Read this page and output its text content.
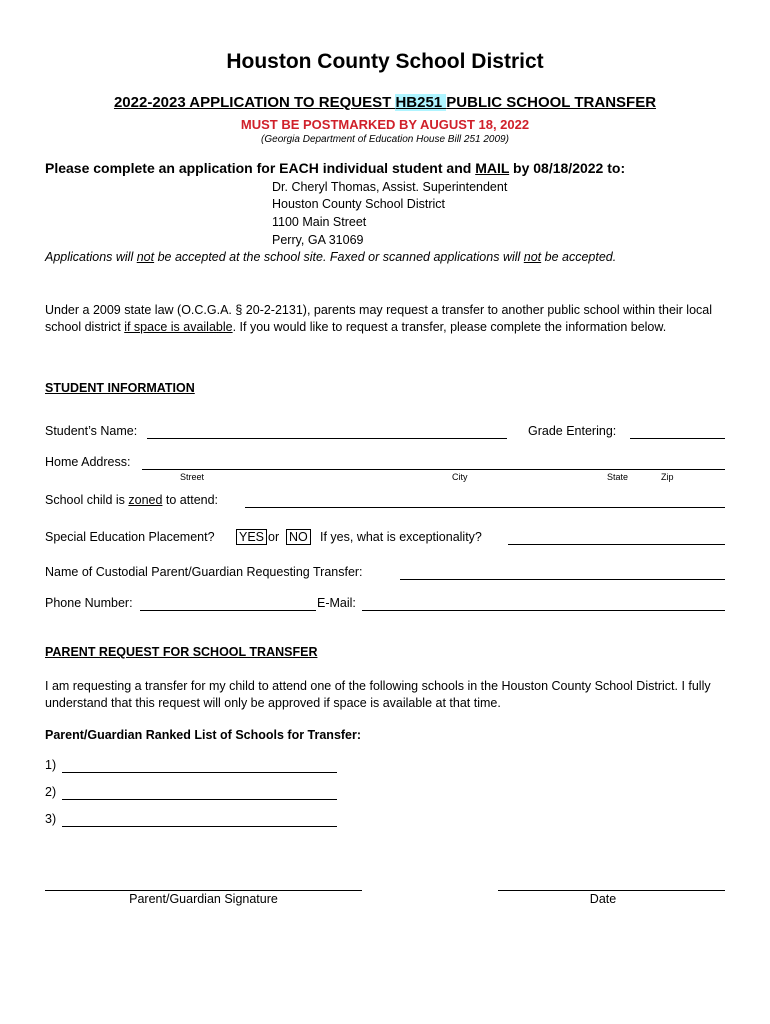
Houston County School District
2022-2023 APPLICATION TO REQUEST HB251 PUBLIC SCHOOL TRANSFER
MUST BE POSTMARKED BY AUGUST 18, 2022
(Georgia Department of Education House Bill 251 2009)
Please complete an application for EACH individual student and MAIL by 08/18/2022 to:
Dr. Cheryl Thomas, Assist. Superintendent
Houston County School District
1100 Main Street
Perry, GA 31069
Applications will not be accepted at the school site. Faxed or scanned applications will not be accepted.
Under a 2009 state law (O.C.G.A. § 20-2-2131), parents may request a transfer to another public school within their local school district if space is available. If you would like to request a transfer, please complete the information below.
STUDENT INFORMATION
Student’s Name:	Grade Entering:
Home Address:
Street	City	State	Zip
School child is zoned to attend:
Special Education Placement? YES or NO If yes, what is exceptionality?
Name of Custodial Parent/Guardian Requesting Transfer:
Phone Number:	E-Mail:
PARENT REQUEST FOR SCHOOL TRANSFER
I am requesting a transfer for my child to attend one of the following schools in the Houston County School District. I fully understand that this request will only be approved if space is available at that time.
Parent/Guardian Ranked List of Schools for Transfer:
1)
2)
3)
Parent/Guardian Signature	Date
